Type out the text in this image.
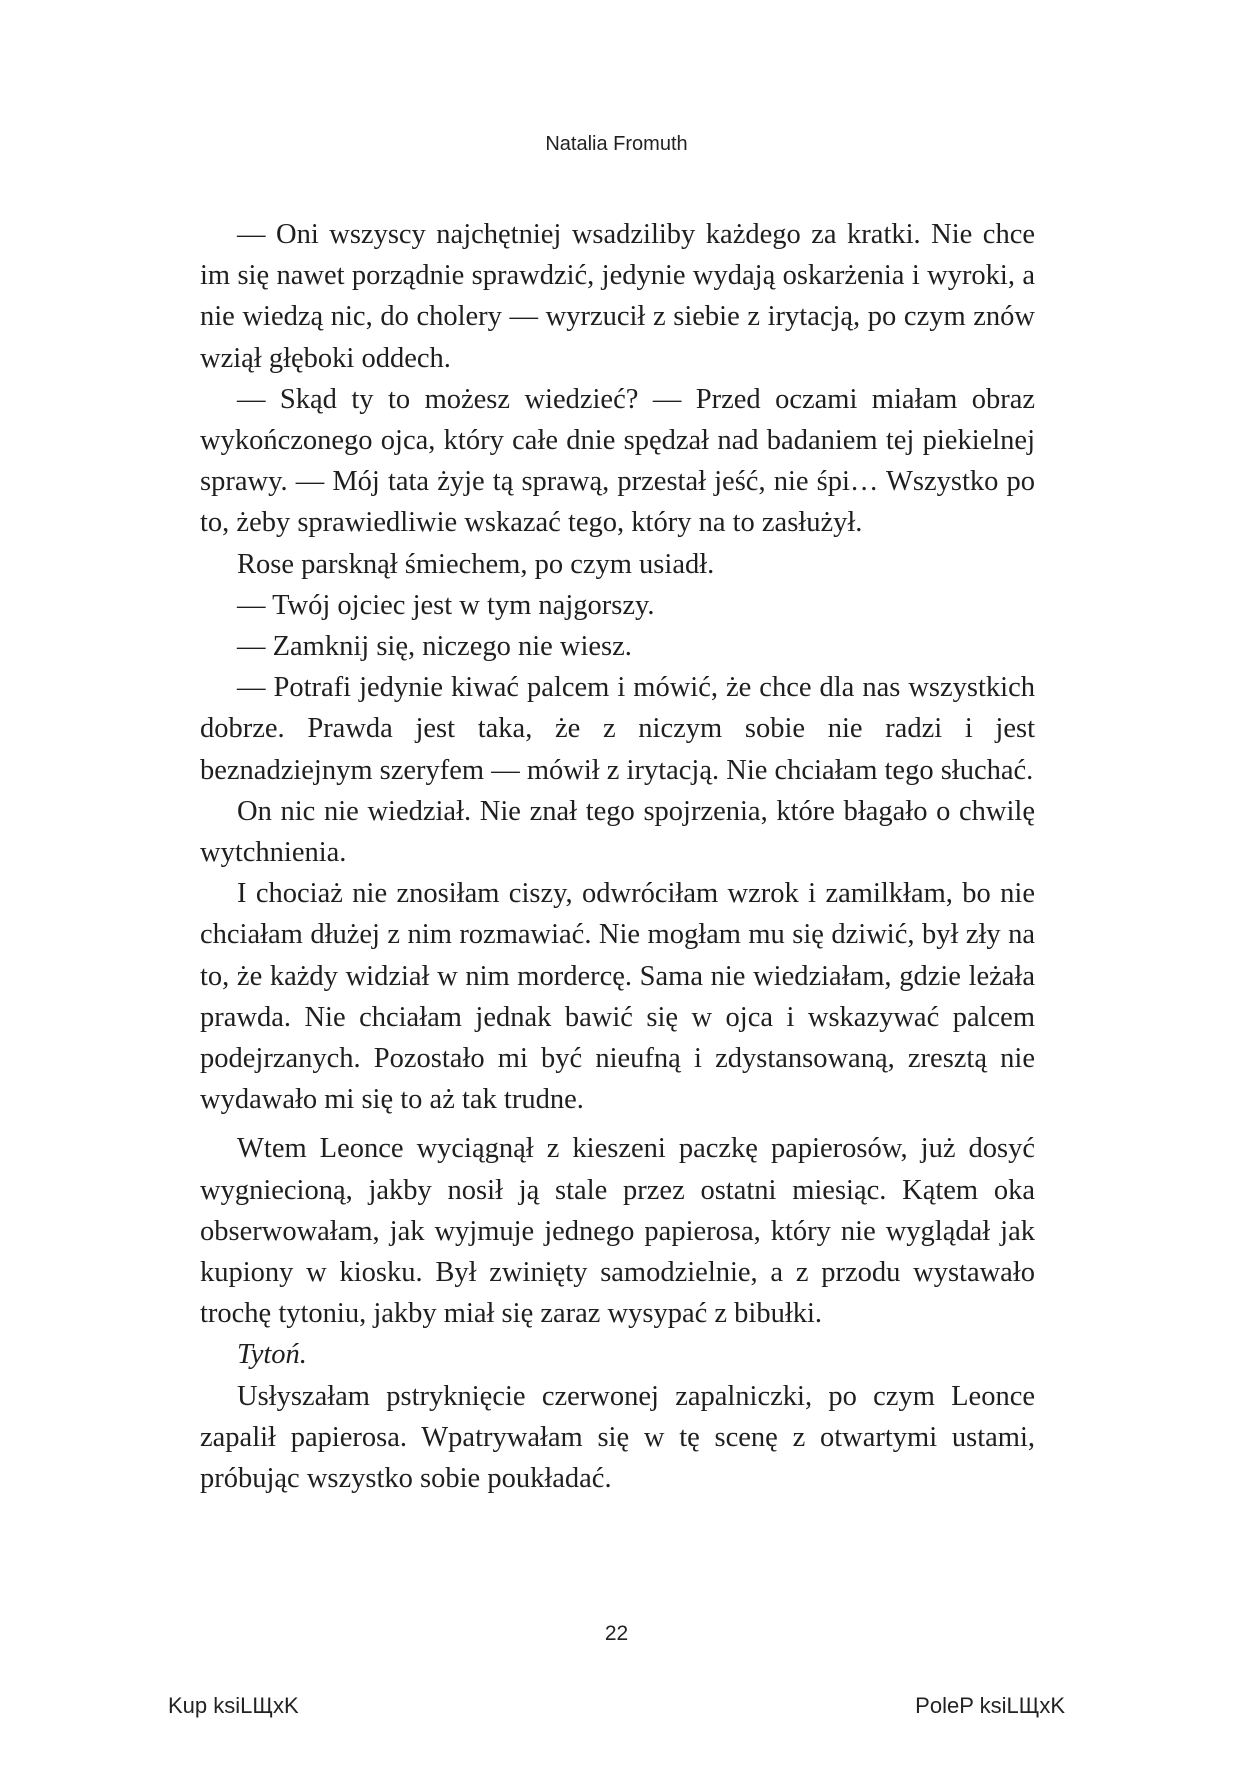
Natalia Fromuth

— Oni wszyscy najchętniej wsadziliby każdego za kratki. Nie chce im się nawet porządnie sprawdzić, jedynie wydają oskarżenia i wyroki, a nie wiedzą nic, do cholery — wyrzucił z siebie z irytacją, po czym znów wziął głęboki oddech.

— Skąd ty to możesz wiedzieć? — Przed oczami miałam obraz wykończonego ojca, który całe dnie spędzał nad badaniem tej piekielnej sprawy. — Mój tata żyje tą sprawą, przestał jeść, nie śpi… Wszystko po to, żeby sprawiedliwie wskazać tego, który na to zasłużył.

Rose parsknął śmiechem, po czym usiadł.

— Twój ojciec jest w tym najgorszy.

— Zamknij się, niczego nie wiesz.

— Potrafi jedynie kiwać palcem i mówić, że chce dla nas wszystkich dobrze. Prawda jest taka, że z niczym sobie nie radzi i jest beznadziejnym szeryfem — mówił z irytacją. Nie chciałam tego słuchać.

On nic nie wiedział. Nie znał tego spojrzenia, które błagało o chwilę wytchnienia.

I chociaż nie znosiłam ciszy, odwróciłam wzrok i zamilkłam, bo nie chciałam dłużej z nim rozmawiać. Nie mogłam mu się dziwić, był zły na to, że każdy widział w nim mordercę. Sama nie wiedziałam, gdzie leżała prawda. Nie chciałam jednak bawić się w ojca i wskazywać palcem podejrzanych. Pozostało mi być nieufną i zdystansowaną, zresztą nie wydawało mi się to aż tak trudne.

Wtem Leonce wyciągnął z kieszeni paczkę papierosów, już dosyć wygniecioną, jakby nosił ją stale przez ostatni miesiąc. Kątem oka obserwowałam, jak wyjmuje jednego papierosa, który nie wyglądał jak kupiony w kiosku. Był zwinięty samodzielnie, a z przodu wystawało trochę tytoniu, jakby miał się zaraz wysypać z bibułki.

Tytoń.

Usłyszałam pstryknięcie czerwonej zapalniczki, po czym Leonce zapalił papierosa. Wpatrywałam się w tę scenę z otwartymi ustami, próbując wszystko sobie poukładać.

22
Kup ksiLЩxK	PoleP ksiLЩxK
